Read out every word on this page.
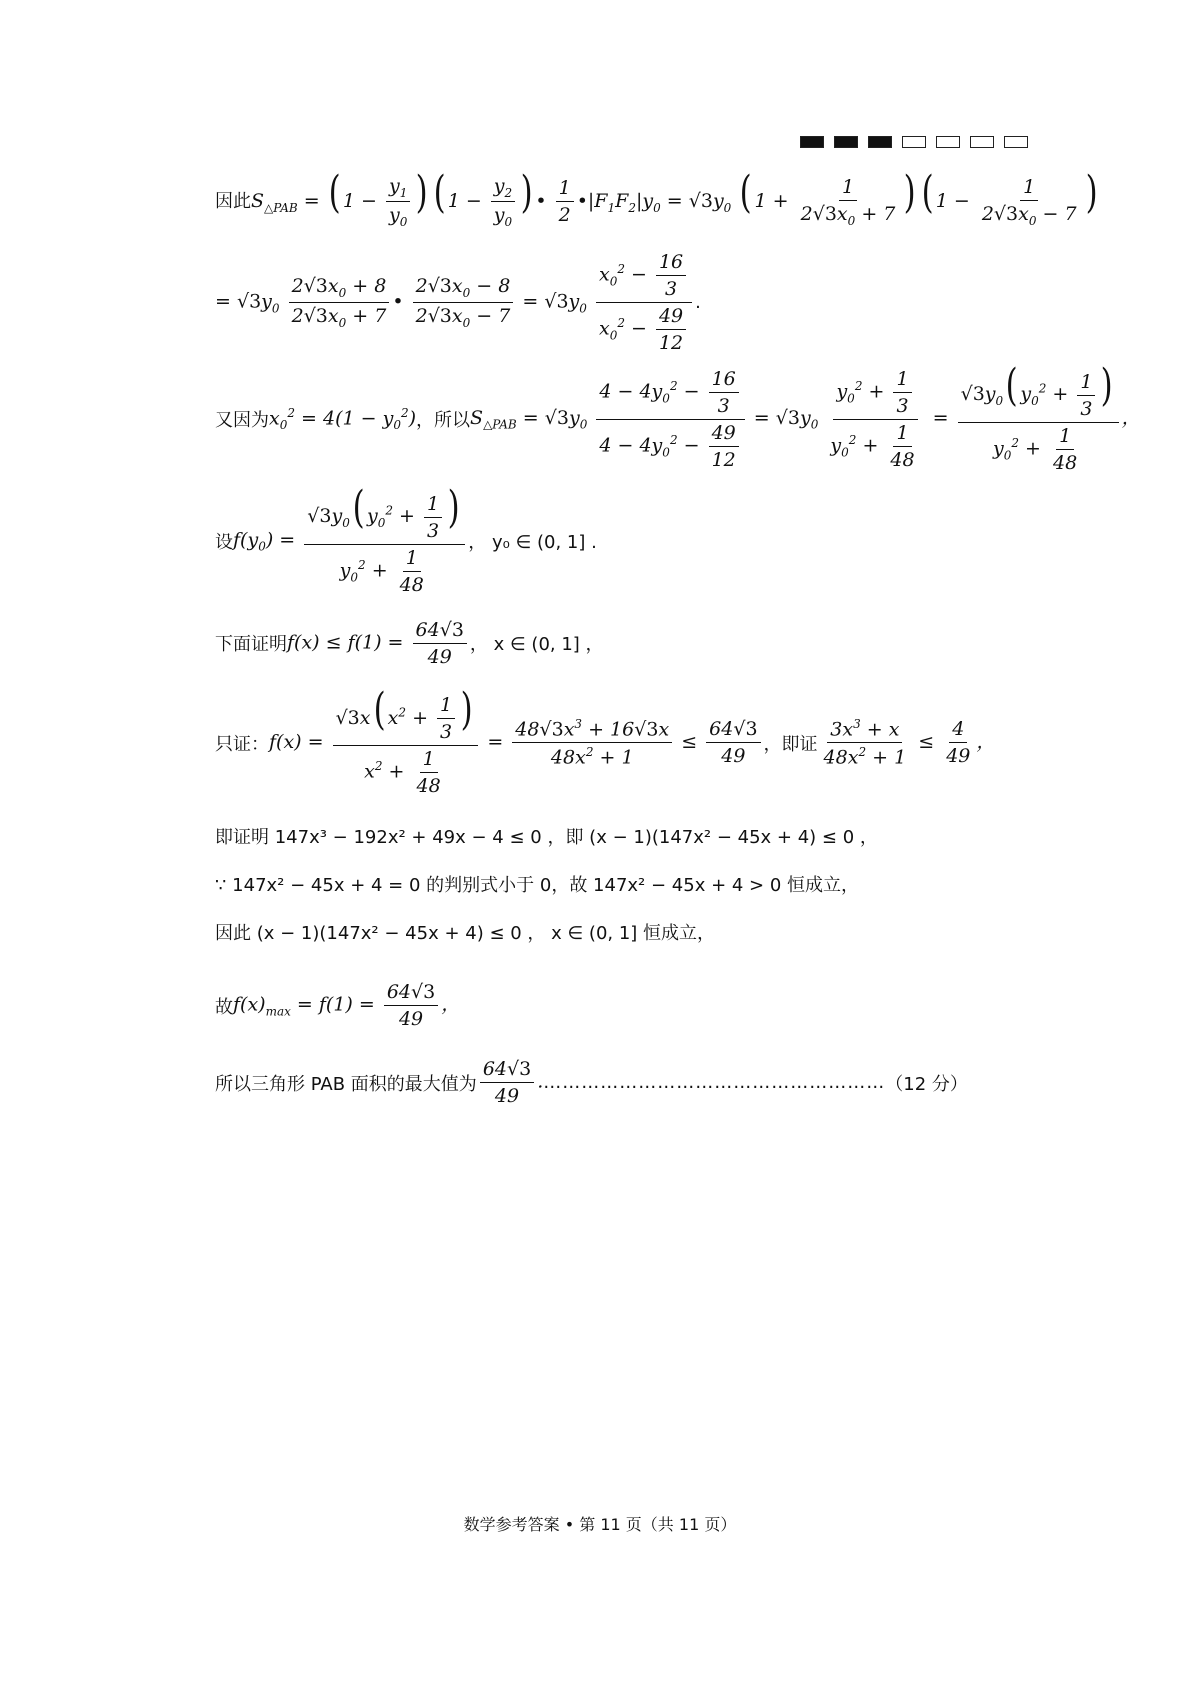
因此 $S_{\triangle PAB}$ = ( $1 - \frac{y_1}{y_0}$ ) ( $1 - \frac{y_2}{y_0}$ ) • $\frac{1}{2}$ $•|F_1F_2|y_0 = √3y_0$ ( $1 + \frac{1}{2√3x_0 + 7}$ ) ( $1 - \frac{1}{2√3x_0 - 7}$ )
= $√3y_0 \frac{2√3x_0 + 8}{2√3x_0 + 7}$ • $\frac{2√3x_0 - 8}{2√3x_0 - 7} = √3y_0 \frac{x_0^2 - \frac{16}{3}}{x_0^2 - \frac{49}{12}}$ .
又因为 $x_0^2 = 4(1 - y_0^2)$ ，所以 $S_{\triangle PAB} = √3y_0 \frac{4 - 4y_0^2 - \frac{16}{3}}{4 - 4y_0^2 - \frac{49}{12}} = √3y_0 \frac{y_0^2 + \frac{1}{3}}{y_0^2 + \frac{1}{48}} = \frac{√3y_0( y_0^2 + \frac{1}{3} )}{y_0^2 + \frac{1}{48}}$ ，
设 $f(y_0) = \frac{√3y_0( y_0^2 + \frac{1}{3} )}{y_0^2 + \frac{1}{48}}$ ， y₀ ∈ (0, 1] .
下面证明 $f(x) \le f(1) = \frac{64√3}{49}$ ， x ∈ (0, 1] ，
只证： $f(x) = \frac{√3x( x^2 + \frac{1}{3} )}{x^2 + \frac{1}{48}} = \frac{48√3x^3 + 16√3x}{48x^2 + 1} \le \frac{64√3}{49}$ ，即证 $\frac{3x^3 + x}{48x^2 + 1} \le \frac{4}{49}$ ，
即证明 147x³ − 192x² + 49x − 4 ≤ 0 ，即 (x − 1)(147x² − 45x + 4) ≤ 0 ，
∵ 147x² − 45x + 4 = 0 的判别式小于 0，故 147x² − 45x + 4 > 0 恒成立，
因此 (x − 1)(147x² − 45x + 4) ≤ 0 ， x ∈ (0, 1] 恒成立，
故 $f(x)_{max} = f(1) = \frac{64√3}{49}$ ，
所以三角形 PAB 面积的最大值为 $\frac{64√3}{49}$ . ……………………………………………… （12 分）
数学参考答案 • 第 11 页（共 11 页）
